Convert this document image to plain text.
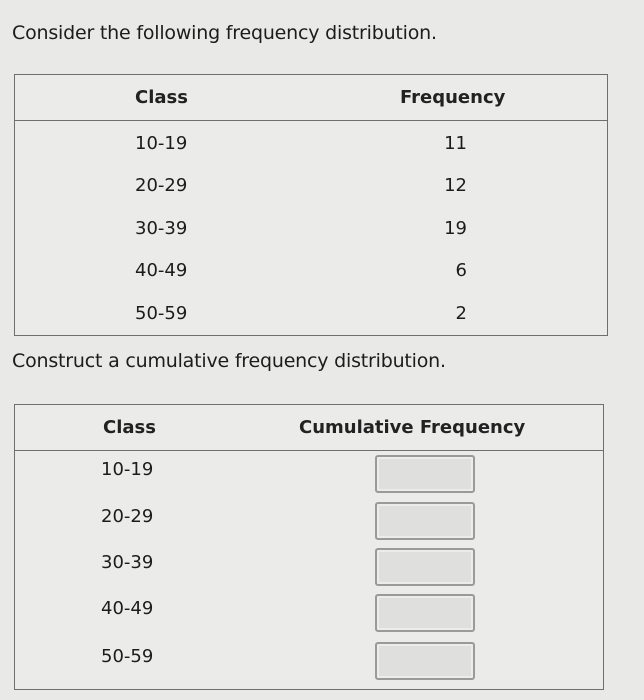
Consider the following frequency distribution.
Class	Frequency
10-19	11
20-29	12
30-39	19
40-49	6
50-59	2
Construct a cumulative frequency distribution.
Class	Cumulative Frequency
10-19
20-29
30-39
40-49
50-59
